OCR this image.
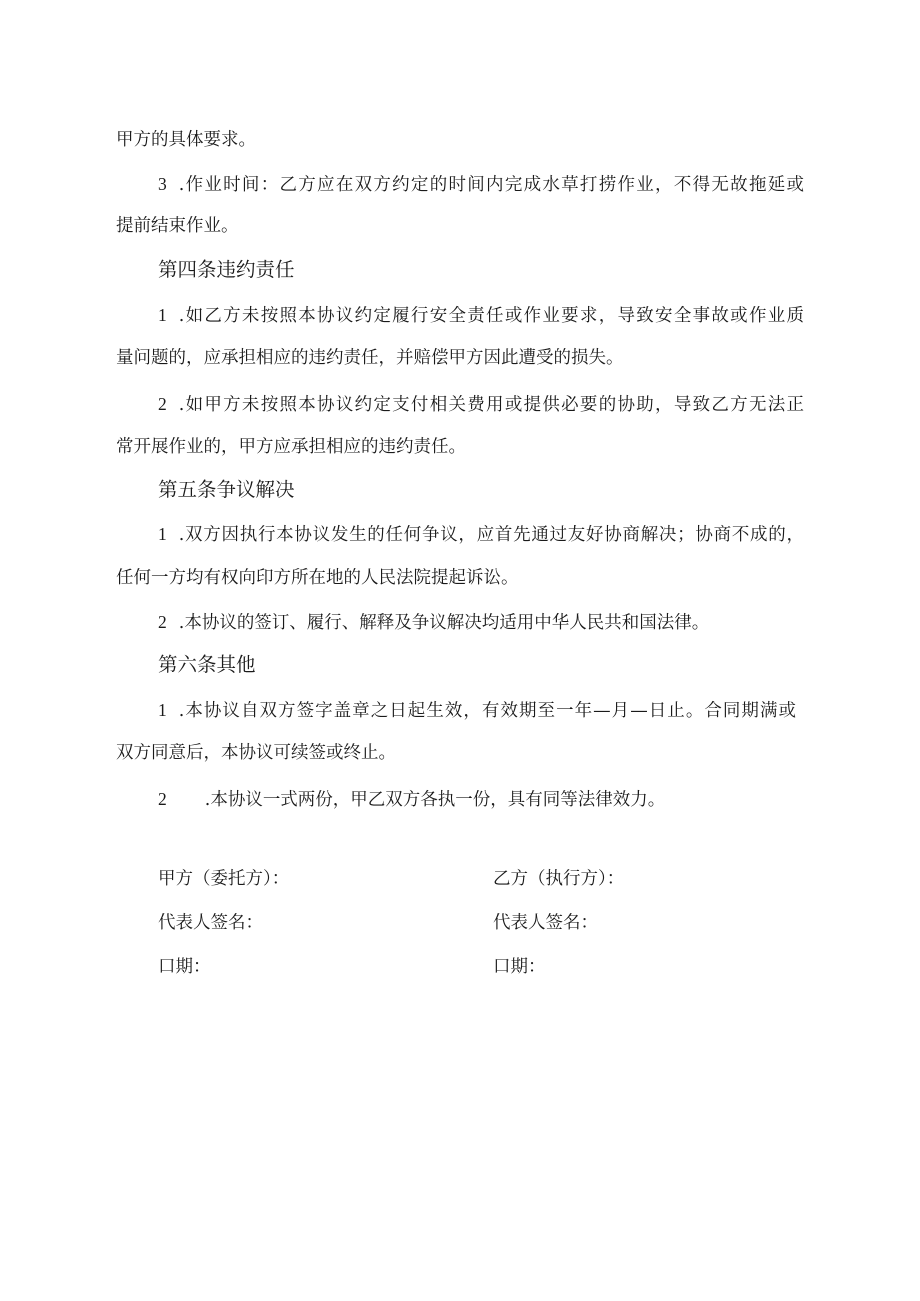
甲方的具体要求。
3 .作业时间：乙方应在双方约定的时间内完成水草打捞作业，不得无故拖延或
提前结束作业。
第四条违约责任
1 .如乙方未按照本协议约定履行安全责任或作业要求，导致安全事故或作业质
量问题的，应承担相应的违约责任，并赔偿甲方因此遭受的损失。
2 .如甲方未按照本协议约定支付相关费用或提供必要的协助，导致乙方无法正
常开展作业的，甲方应承担相应的违约责任。
第五条争议解决
1 .双方因执行本协议发生的任何争议，应首先通过友好协商解决；协商不成的，
任何一方均有权向印方所在地的人民法院提起诉讼。
2 .本协议的签订、履行、解释及争议解决均适用中华人民共和国法律。
第六条其他
1 .本协议自双方签字盖章之日起生效，有效期至一年—月—日止。合同期满或
双方同意后，本协议可续签或终止。
2 .本协议一式两份，甲乙双方各执一份，具有同等法律效力。
甲方（委托方）：	乙方（执行方）：
代表人签名：	代表人签名：
口期：	口期：
